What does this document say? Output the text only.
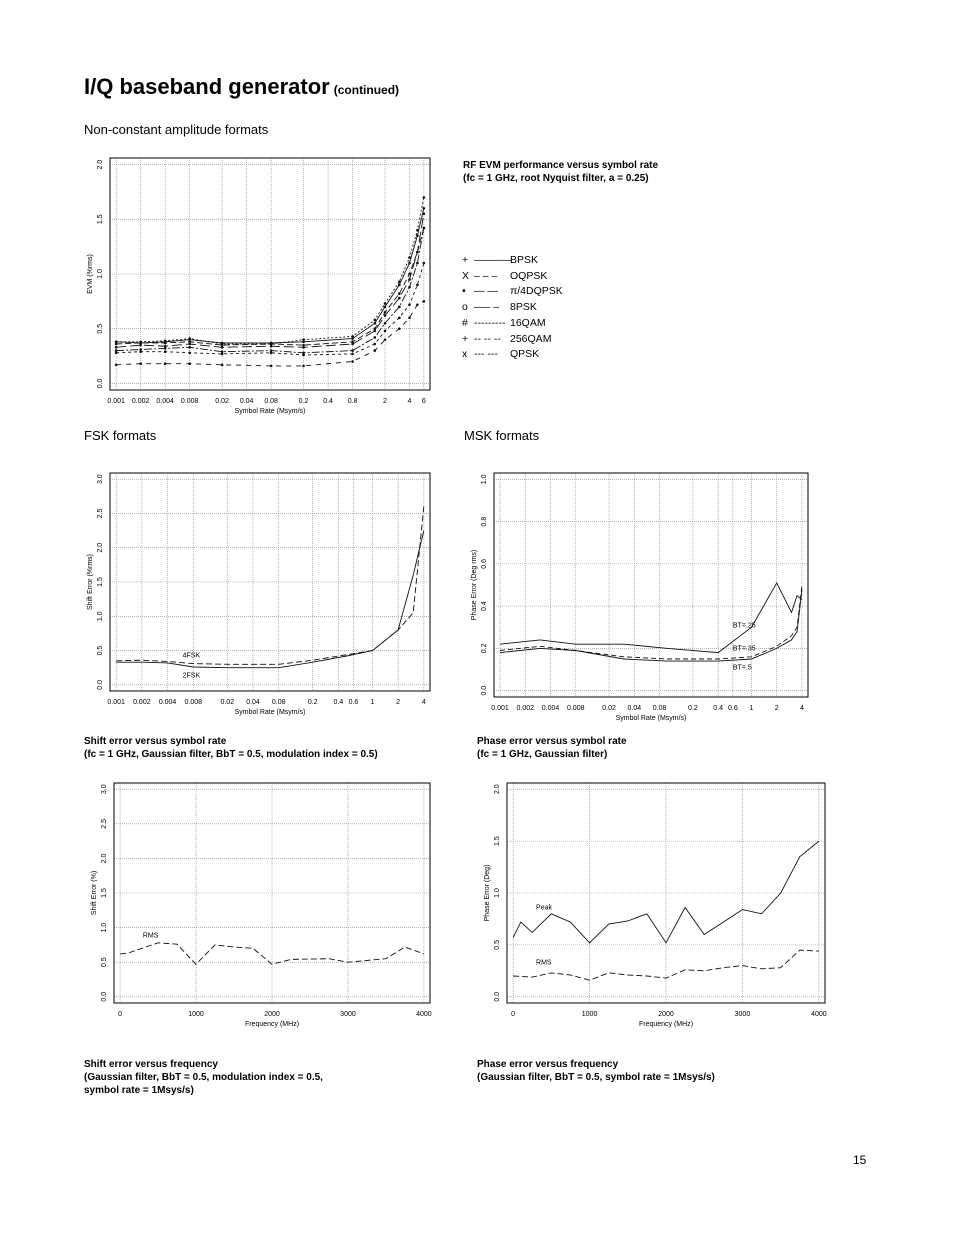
I/Q baseband generator (continued)
Non-constant amplitude formats
FSK formats	MSK formats
RF EVM performance versus symbol rate
(fc = 1 GHz, root Nyquist filter, a = 0.25)
+ ——–—BPSK
X – – – OQPSK
• — — π/4DQPSK
o —– – 8PSK
# --------- 16QAM
+ -- -- -- 256QAM
x --- --- QPSK
Shift error versus symbol rate
(fc = 1 GHz, Gaussian filter, BbT = 0.5, modulation index = 0.5)
Phase error versus symbol rate
(fc = 1 GHz, Gaussian filter)
Shift error versus frequency
(Gaussian filter, BbT = 0.5, modulation index = 0.5,
symbol rate = 1Msys/s)
Phase error versus frequency
(Gaussian filter, BbT = 0.5, symbol rate = 1Msys/s)
0.001 0.002 0.004 0.008 0.02 0.04 0.08	0.2 0.4 0.8	2	4 6
0.0
0.5
1.0
1.5
2.0
Symbol Rate (Msym/s)
EVM (%rms)
0.001 0.002 0.004 0.008	0.02 0.04 0.08	0.2 0.4 0.6 1	2	4
0.0
0.5
1.0
1.5
2.0
2.5
3.0
Symbol Rate (Msym/s)
Shift Error (%rms)
4FSK
2FSK
0.001 0.002 0.004 0.008	0.02 0.04 0.08	0.2 0.4 0.6 1	2	4
0.0
0.2
0.4
0.6
0.8
1.0
Symbol Rate (Msym/s)
Phase Error (Deg rms)
BT=.25
BT=.35
BT=.5
0	1000	2000	3000	4000
0.0
0.5
1.0
1.5
2.0
2.5
3.0
Frequency (MHz)
Shift Error (%)
RMS
0	1000	2000	3000	4000
0.0
0.5
1.0
1.5
2.0
Frequency (MHz)
Phase Error (Deg)	Peak
RMS
15
